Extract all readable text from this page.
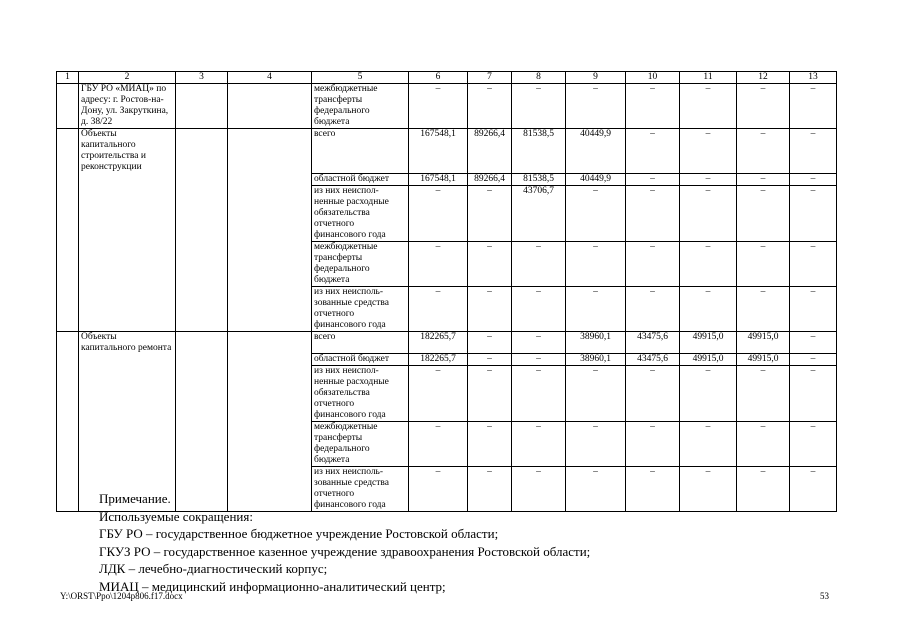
1	2	3	4	5	6	7	8	9	10	11	12	13
	ГБУ РО «МИАЦ» по адресу: г. Ростов-на-Дону, ул. Закруткина, д. 38/22			межбюджетные трансферты федерального бюджета	–	–	–	–	–	–	–	–
	Объекты капитального строительства и реконструкции			всего	167548,1	89266,4	81538,5	40449,9	–	–	–	–
				областной бюджет	167548,1	89266,4	81538,5	40449,9	–	–	–	–
				из них неиспол-ненные расходные обязательства отчетного финансового года	–	–	43706,7	–	–	–	–	–
				межбюджетные трансферты федерального бюджета	–	–	–	–	–	–	–	–
				из них неисполь-зованные средства отчетного финансового года	–	–	–	–	–	–	–	–
	Объекты капитального ремонта			всего	182265,7	–	–	38960,1	43475,6	49915,0	49915,0	–
				областной бюджет	182265,7	–	–	38960,1	43475,6	49915,0	49915,0	–
				из них неиспол-ненные расходные обязательства отчетного финансового года	–	–	–	–	–	–	–	–
				межбюджетные трансферты федерального бюджета	–	–	–	–	–	–	–	–
				из них неисполь-зованные средства отчетного финансового года	–	–	–	–	–	–	–	–
Примечание.
Используемые сокращения:
ГБУ РО – государственное бюджетное учреждение Ростовской области;
ГКУЗ РО – государственное казенное учреждение здравоохранения Ростовской области;
ЛДК – лечебно-диагностический корпус;
МИАЦ – медицинский информационно-аналитический центр;
Y:\ORST\Ppo\1204p806.f17.docx	53
